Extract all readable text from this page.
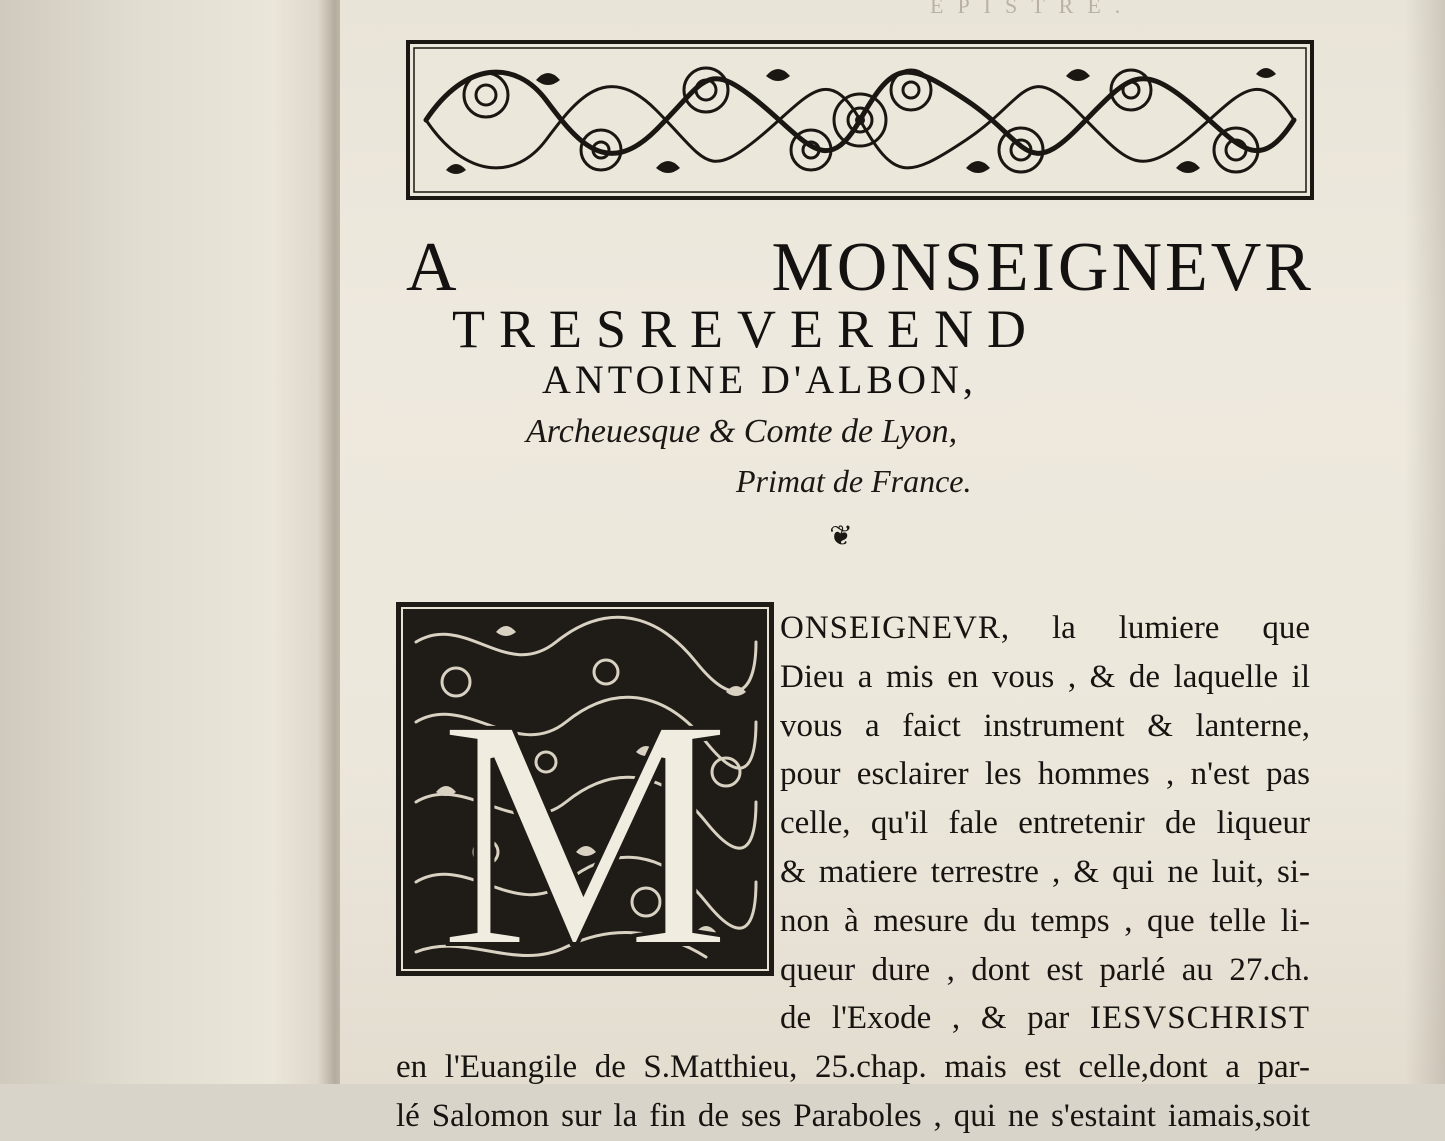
EPISTRE.
A MONSEIGNEVR
TRESREVEREND
ANTOINE D'ALBON,
Archeuesque & Comte de Lyon,
Primat de France.
❦
M
ONSEIGNEVR, la lumiere que
Dieu a mis en vous , & de laquelle il
vous a faict instrument & lanterne,
pour esclairer les hommes , n'est pas
celle, qu'il fale entretenir de liqueur
& matiere terrestre , & qui ne luit, si-
non à mesure du temps , que telle li-
queur dure , dont est parlé au 27.ch.
de l'Exode , & par IESVSCHRIST
en l'Euangile de S.Matthieu, 25.chap. mais est celle,dont a par-
lé Salomon sur la fin de ses Paraboles , qui ne s'estaint iamais,soit
